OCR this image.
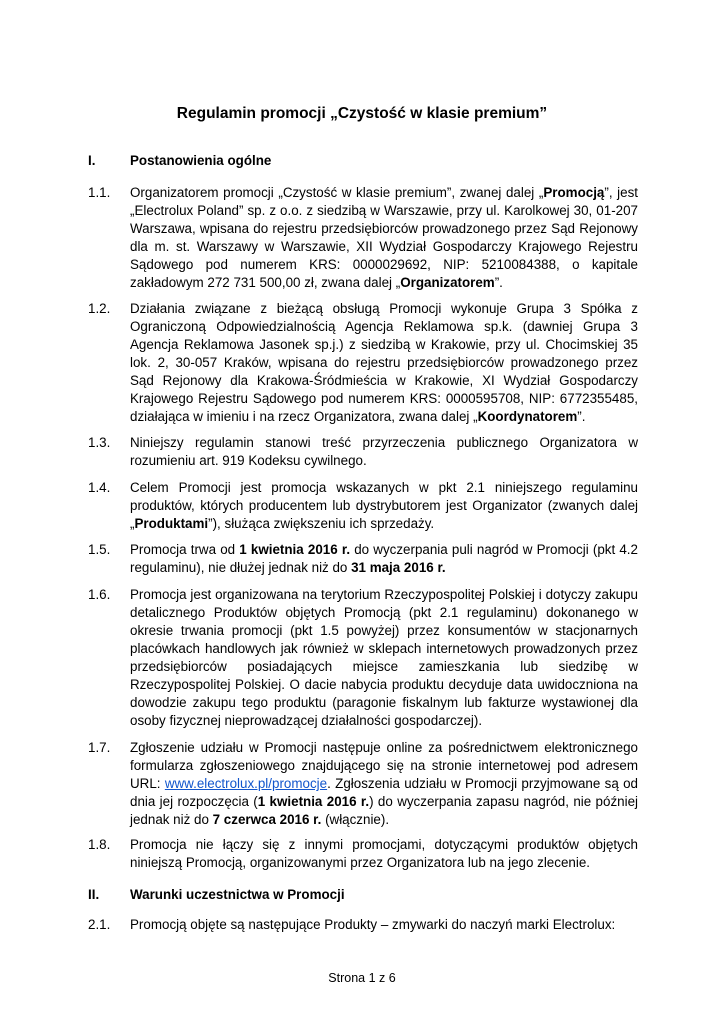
Regulamin promocji „Czystość w klasie premium”
I.	Postanowienia ogólne
1.1.	Organizatorem promocji „Czystość w klasie premium”, zwanej dalej „Promocją”, jest „Electrolux Poland” sp. z o.o. z siedzibą w Warszawie, przy ul. Karolkowej 30, 01-207 Warszawa, wpisana do rejestru przedsiębiorców prowadzonego przez Sąd Rejonowy dla m. st. Warszawy w Warszawie, XII Wydział Gospodarczy Krajowego Rejestru Sądowego pod numerem KRS: 0000029692, NIP: 5210084388, o kapitale zakładowym 272 731 500,00 zł, zwana dalej „Organizatorem”.
1.2.	Działania związane z bieżącą obsługą Promocji wykonuje Grupa 3 Spółka z Ograniczoną Odpowiedzialnością Agencja Reklamowa sp.k. (dawniej Grupa 3 Agencja Reklamowa Jasonek sp.j.) z siedzibą w Krakowie, przy ul. Chocimskiej 35 lok. 2, 30-057 Kraków, wpisana do rejestru przedsiębiorców prowadzonego przez Sąd Rejonowy dla Krakowa-Śródmieścia w Krakowie, XI Wydział Gospodarczy Krajowego Rejestru Sądowego pod numerem KRS: 0000595708, NIP: 6772355485, działająca w imieniu i na rzecz Organizatora, zwana dalej „Koordynatorem”.
1.3.	Niniejszy regulamin stanowi treść przyrzeczenia publicznego Organizatora w rozumieniu art. 919 Kodeksu cywilnego.
1.4.	Celem Promocji jest promocja wskazanych w pkt 2.1 niniejszego regulaminu produktów, których producentem lub dystrybutorem jest Organizator (zwanych dalej „Produktami”), służąca zwiększeniu ich sprzedaży.
1.5.	Promocja trwa od 1 kwietnia 2016 r. do wyczerpania puli nagród w Promocji (pkt 4.2 regulaminu), nie dłużej jednak niż do 31 maja 2016 r.
1.6.	Promocja jest organizowana na terytorium Rzeczypospolitej Polskiej i dotyczy zakupu detalicznego Produktów objętych Promocją (pkt 2.1 regulaminu) dokonanego w okresie trwania promocji (pkt 1.5 powyżej) przez konsumentów w stacjonarnych placówkach handlowych jak również w sklepach internetowych prowadzonych przez przedsiębiorców posiadających miejsce zamieszkania lub siedzibę w Rzeczypospolitej Polskiej. O dacie nabycia produktu decyduje data uwidoczniona na dowodzie zakupu tego produktu (paragonie fiskalnym lub fakturze wystawionej dla osoby fizycznej nieprowadzącej działalności gospodarczej).
1.7.	Zgłoszenie udziału w Promocji następuje online za pośrednictwem elektronicznego formularza zgłoszeniowego znajdującego się na stronie internetowej pod adresem URL: www.electrolux.pl/promocje. Zgłoszenia udziału w Promocji przyjmowane są od dnia jej rozpoczęcia (1 kwietnia 2016 r.) do wyczerpania zapasu nagród, nie później jednak niż do 7 czerwca 2016 r. (włącznie).
1.8.	Promocja nie łączy się z innymi promocjami, dotyczącymi produktów objętych niniejszą Promocją, organizowanymi przez Organizatora lub na jego zlecenie.
II.	Warunki uczestnictwa w Promocji
2.1.	Promocją objęte są następujące Produkty – zmywarki do naczyń marki Electrolux:
Strona 1 z 6
